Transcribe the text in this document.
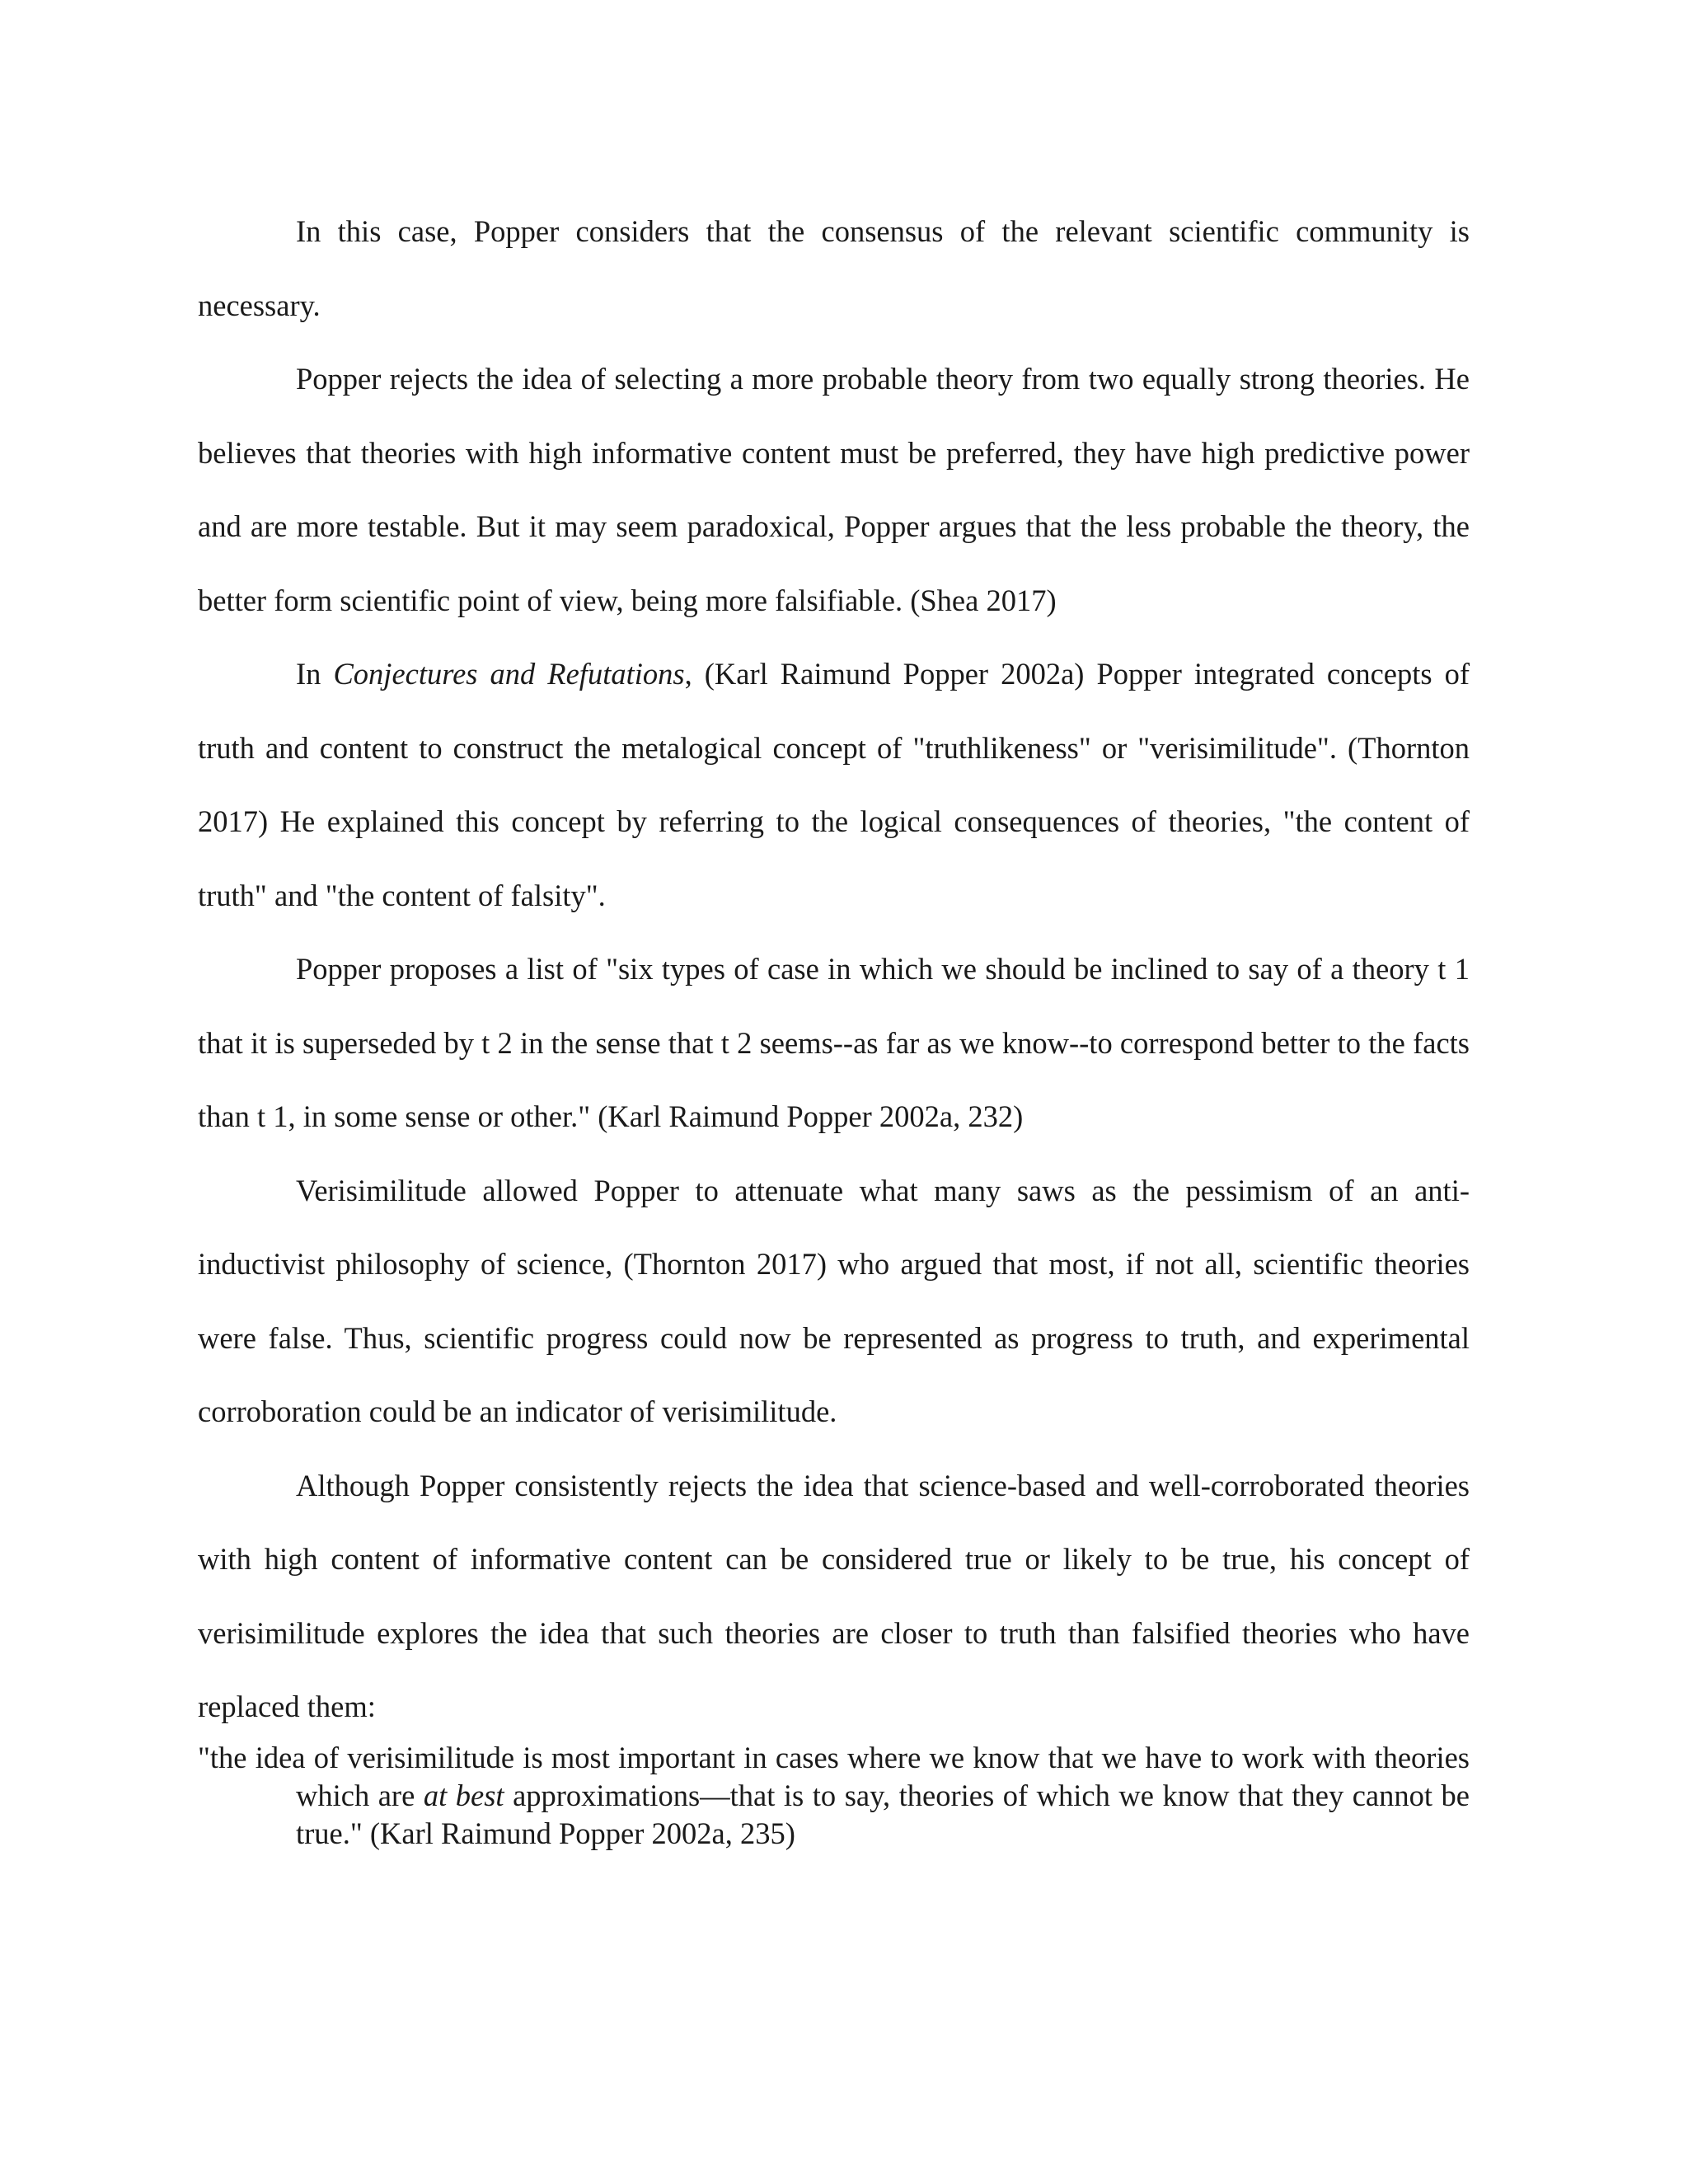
In this case, Popper considers that the consensus of the relevant scientific community is necessary.

Popper rejects the idea of selecting a more probable theory from two equally strong theories. He believes that theories with high informative content must be preferred, they have high predictive power and are more testable. But it may seem paradoxical, Popper argues that the less probable the theory, the better form scientific point of view, being more falsifiable. (Shea 2017)

In Conjectures and Refutations, (Karl Raimund Popper 2002a) Popper integrated concepts of truth and content to construct the metalogical concept of "truthlikeness" or "verisimilitude". (Thornton 2017) He explained this concept by referring to the logical consequences of theories, "the content of truth" and "the content of falsity".

Popper proposes a list of "six types of case in which we should be inclined to say of a theory t 1 that it is superseded by t 2 in the sense that t 2 seems--as far as we know--to correspond better to the facts than t 1, in some sense or other." (Karl Raimund Popper 2002a, 232)

Verisimilitude allowed Popper to attenuate what many saws as the pessimism of an anti-inductivist philosophy of science, (Thornton 2017) who argued that most, if not all, scientific theories were false. Thus, scientific progress could now be represented as progress to truth, and experimental corroboration could be an indicator of verisimilitude.

Although Popper consistently rejects the idea that science-based and well-corroborated theories with high content of informative content can be considered true or likely to be true, his concept of verisimilitude explores the idea that such theories are closer to truth than falsified theories who have replaced them:

"the idea of verisimilitude is most important in cases where we know that we have to work with theories which are at best approximations—that is to say, theories of which we know that they cannot be true." (Karl Raimund Popper 2002a, 235)
